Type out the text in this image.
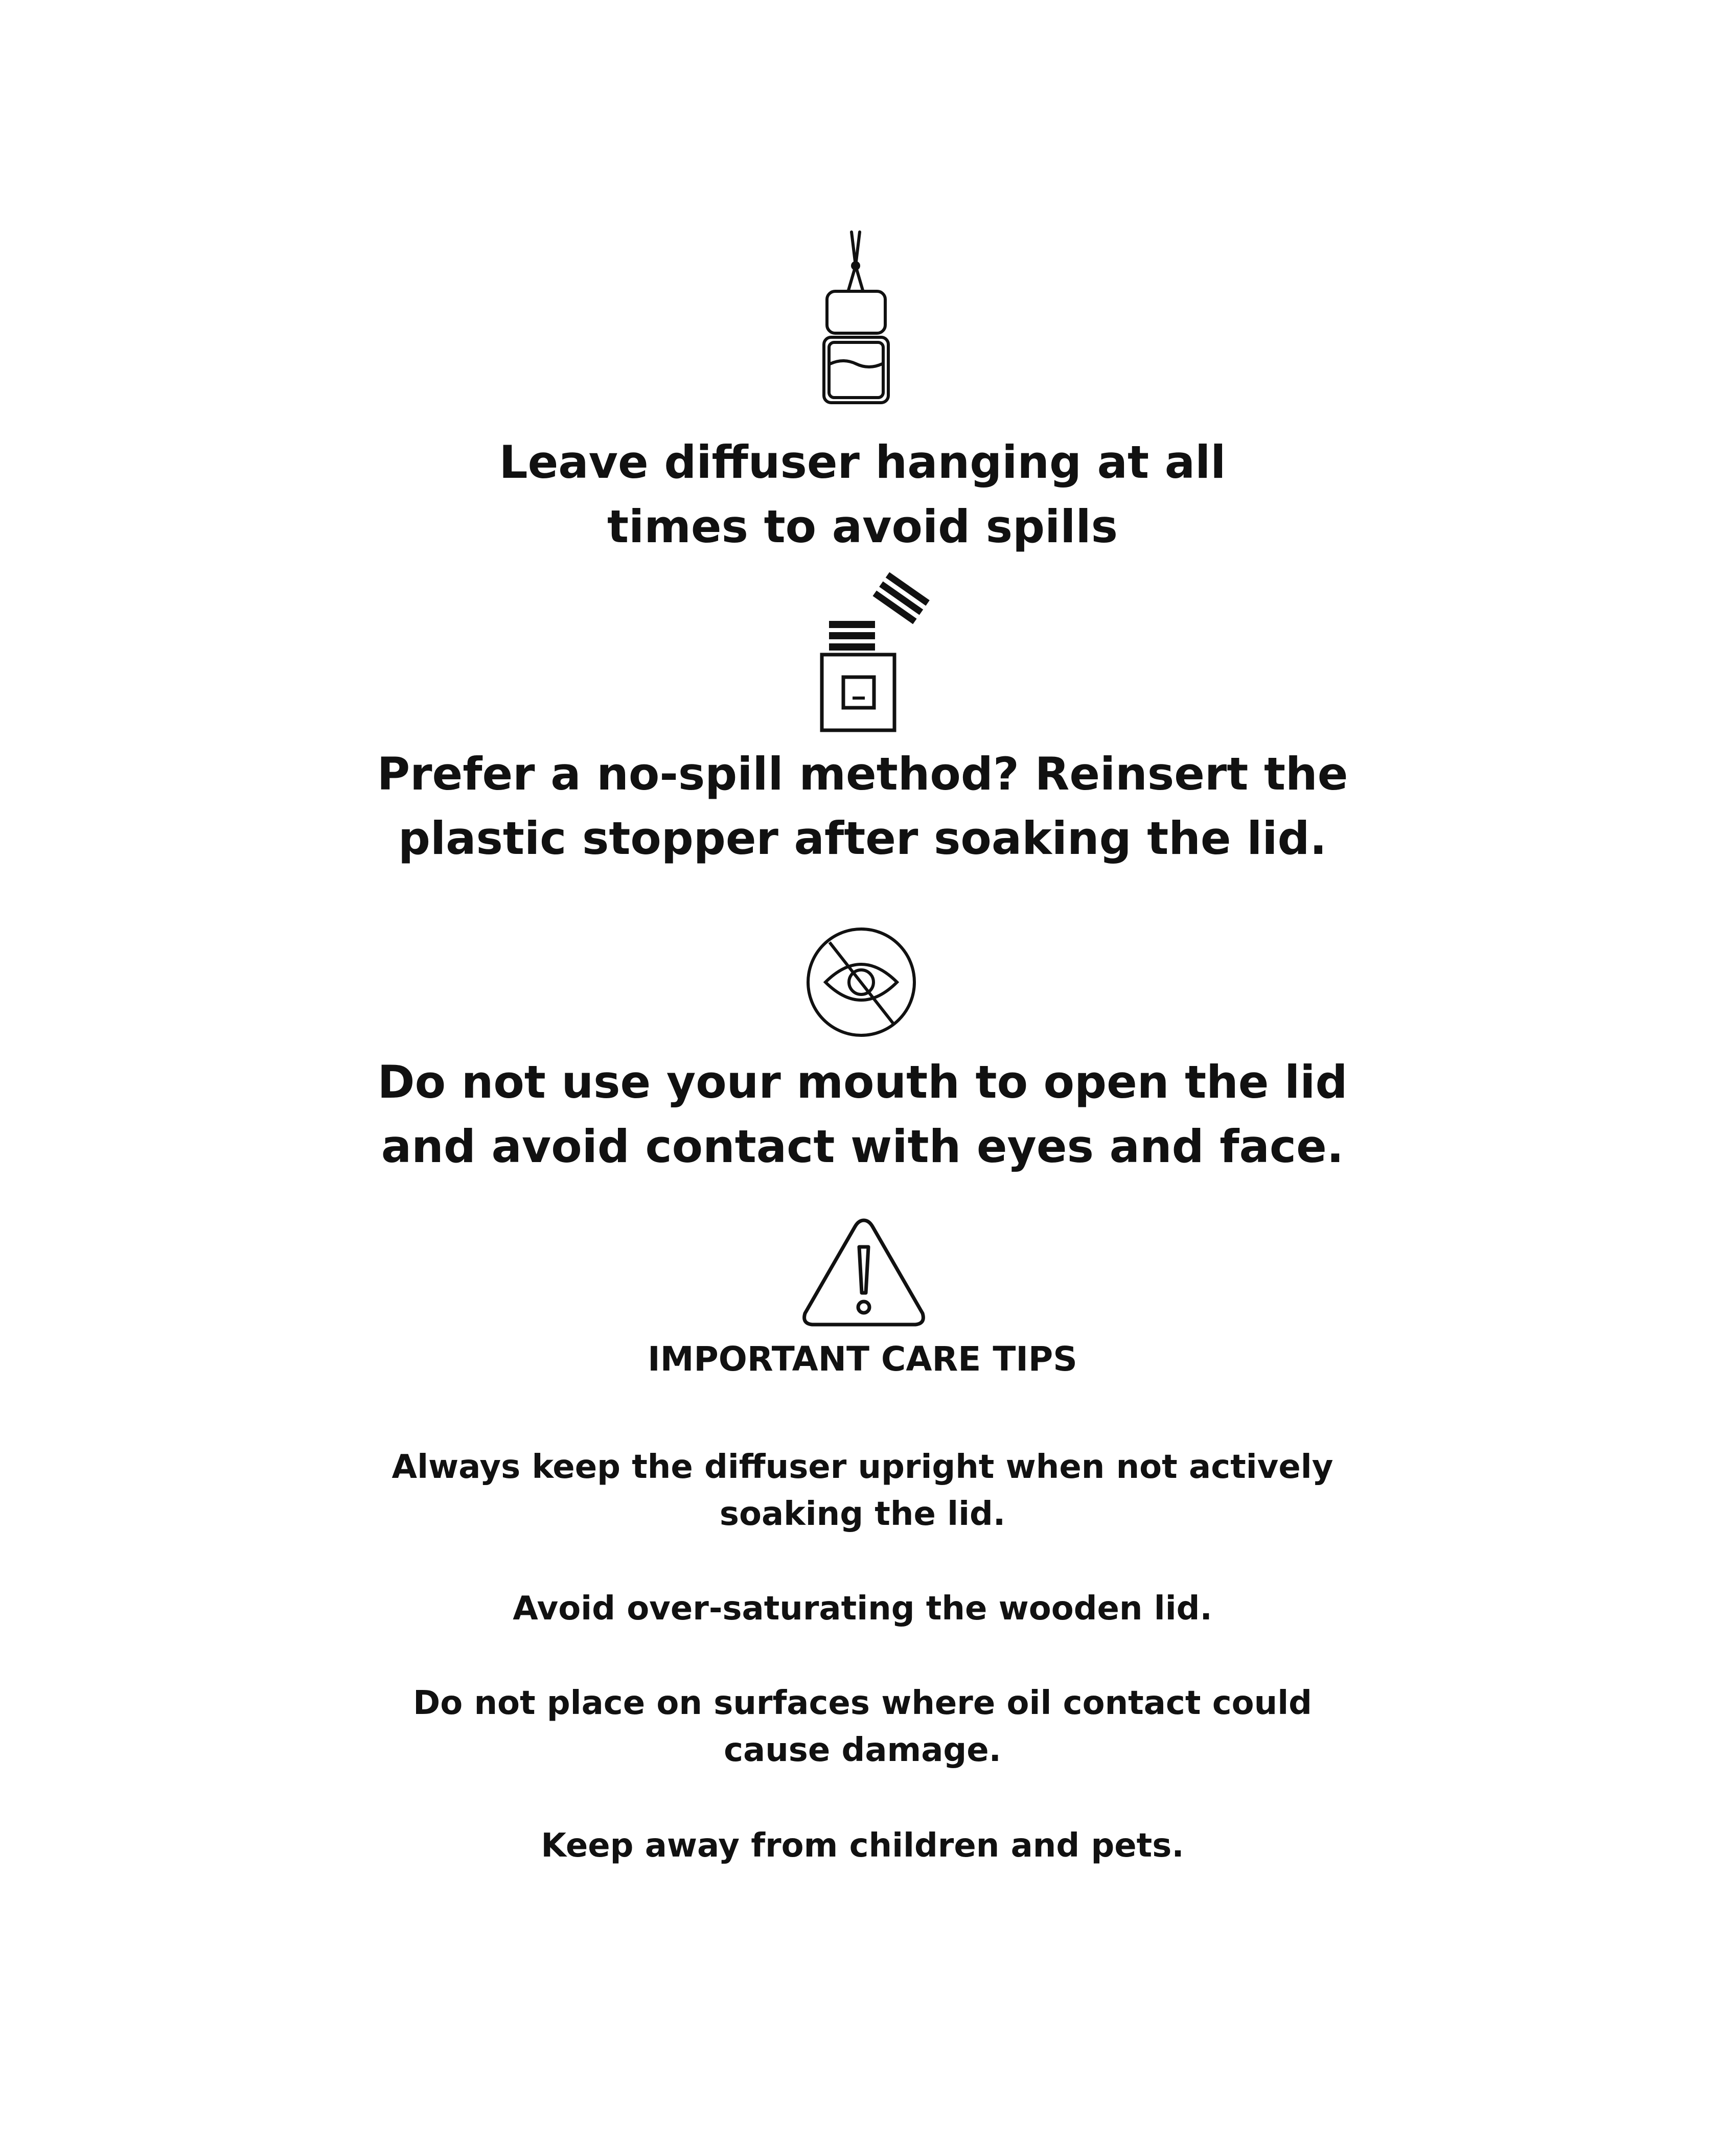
Leave diffuser hanging at all
times to avoid spills
Prefer a no-spill method? Reinsert the
plastic stopper after soaking the lid.
Do not use your mouth to open the lid
and avoid contact with eyes and face.
IMPORTANT CARE TIPS

Always keep the diffuser upright when not actively
soaking the lid.

Avoid over-saturating the wooden lid.

Do not place on surfaces where oil contact could
cause damage.

Keep away from children and pets.
